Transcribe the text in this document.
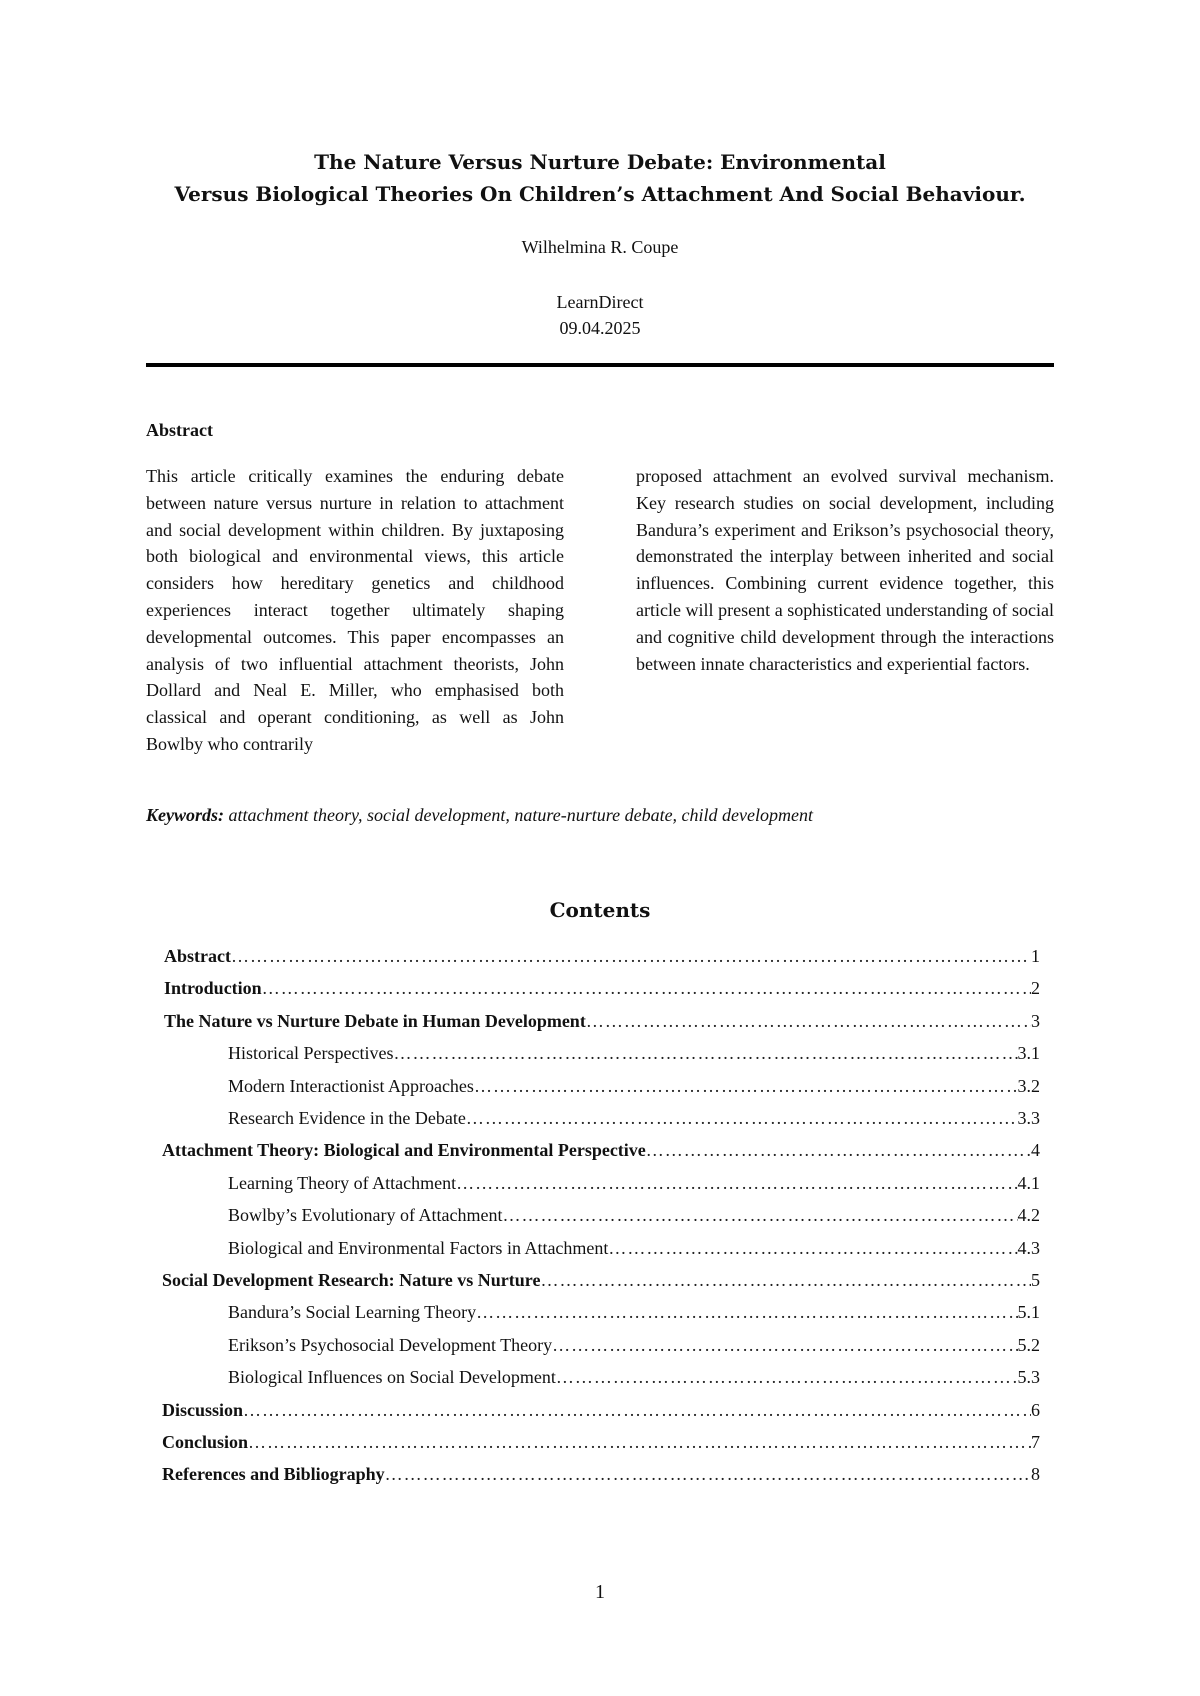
The Nature Versus Nurture Debate: Environmental
Versus Biological Theories On Children’s Attachment And Social Behaviour.
Wilhelmina R. Coupe
LearnDirect
09.04.2025
Abstract

This article critically examines the enduring debate between nature versus nurture in relation to attachment and social development within children. By juxtaposing both biological and environmental views, this article considers how hereditary genetics and childhood experiences interact together ultimately shaping developmental outcomes. This paper encompasses an analysis of two influential attachment theorists, John Dollard and Neal E. Miller, who emphasised both classical and operant conditioning, as well as John Bowlby who contrarily

proposed attachment an evolved survival mechanism. Key research studies on social development, including Bandura’s experiment and Erikson’s psychosocial theory, demonstrated the interplay between inherited and social influences. Combining current evidence together, this article will present a sophisticated understanding of social and cognitive child development through the interactions between innate characteristics and experiential factors.

Keywords: attachment theory, social development, nature-nurture debate, child development
Contents
Abstract …………………………………………………………………………………………………………………………………………………………………………	1
Introduction …………………………………………………………………………………………………………………………………………………………………………	2
The Nature vs Nurture Debate in Human Development …………………………………………………………………………………………………………………………………………………………………………	3
Historical Perspectives …………………………………………………………………………………………………………………………………………………………………………	3.1
Modern Interactionist Approaches …………………………………………………………………………………………………………………………………………………………………………	3.2
Research Evidence in the Debate …………………………………………………………………………………………………………………………………………………………………………	3.3
Attachment Theory: Biological and Environmental Perspective …………………………………………………………………………………………………………………………………………………………………………	4
Learning Theory of Attachment …………………………………………………………………………………………………………………………………………………………………………	4.1
Bowlby’s Evolutionary of Attachment …………………………………………………………………………………………………………………………………………………………………………	4.2
Biological and Environmental Factors in Attachment …………………………………………………………………………………………………………………………………………………………………………	4.3
Social Development Research: Nature vs Nurture …………………………………………………………………………………………………………………………………………………………………………	5
Bandura’s Social Learning Theory …………………………………………………………………………………………………………………………………………………………………………	5.1
Erikson’s Psychosocial Development Theory …………………………………………………………………………………………………………………………………………………………………………	5.2
Biological Influences on Social Development …………………………………………………………………………………………………………………………………………………………………………	5.3
Discussion …………………………………………………………………………………………………………………………………………………………………………	6
Conclusion …………………………………………………………………………………………………………………………………………………………………………	7
References and Bibliography …………………………………………………………………………………………………………………………………………………………………………	8
1
